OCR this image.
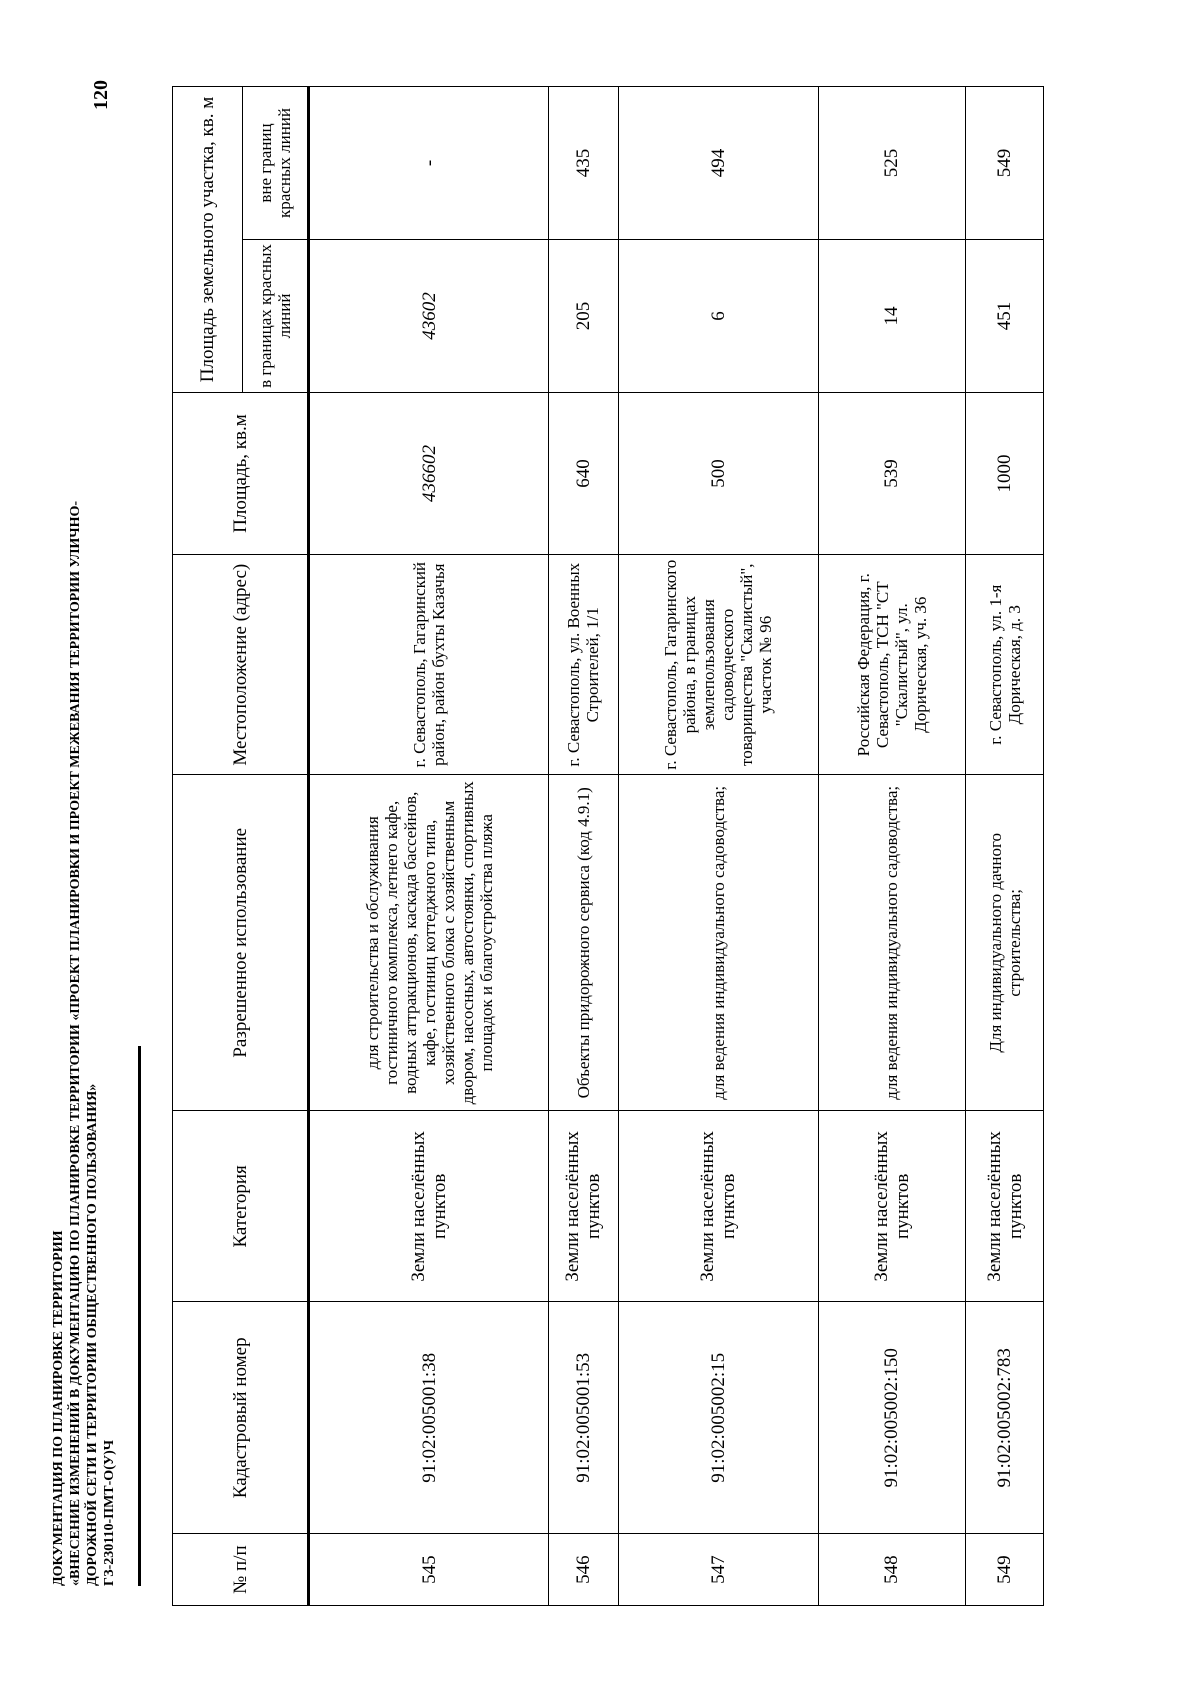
120
ДОКУМЕНТАЦИЯ ПО ПЛАНИРОВКЕ ТЕРРИТОРИИ «ВНЕСЕНИЕ ИЗМЕНЕНИЙ В ДОКУМЕНТАЦИЮ ПО ПЛАНИРОВКЕ ТЕРРИТОРИИ «ПРОЕКТ ПЛАНИРОВКИ И ПРОЕКТ МЕЖЕВАНИЯ ТЕРРИТОРИИ УЛИЧНО- ДОРОЖНОЙ СЕТИ И ТЕРРИТОРИИ ОБЩЕСТВЕННОГО ПОЛЬЗОВАНИЯ» ГЗ-230110-ПМТ-О(У)Ч	№ п/п	Кадастровый номер	Категория	Разрешенное использование	Местоположение (адрес)	Площадь, кв.м	Площадь земельного участка, кв. м	
						в границах красных линий	вне границ красных линий
545	91:02:005001:38	Земли населённых пунктов	для строительства и обслуживания гостиничного комплекса, летнего кафе, водных аттракционов, каскада бассейнов, кафе, гостиниц коттеджного типа, хозяйственного блока с хозяйственным двором, насосных, автостоянки, спортивных площадок и благоустройства пляжа	г. Севастополь, Гагаринский район, район бухты Казачья	436602	43602	-
546	91:02:005001:53	Земли населённых пунктов	Объекты придорожного сервиса (код 4.9.1)	г. Севастополь, ул. Военных Строителей, 1/1	640	205	435
547	91:02:005002:15	Земли населённых пунктов	для ведения индивидуального садоводства;	г. Севастополь, Гагаринского района, в границах землепользования садоводческого товарищества "Скалистый", участок № 96	500	6	494
548	91:02:005002:150	Земли населённых пунктов	для ведения индивидуального садоводства;	Российская Федерация, г. Севастополь, ТСН "СТ "Скалистый", ул. Дорическая, уч. 36	539	14	525
549	91:02:005002:783	Земли населённых пунктов	Для индивидуального дачного строительства;	г. Севастополь, ул. 1-я Дорическая, д. 3	1000	451	549
